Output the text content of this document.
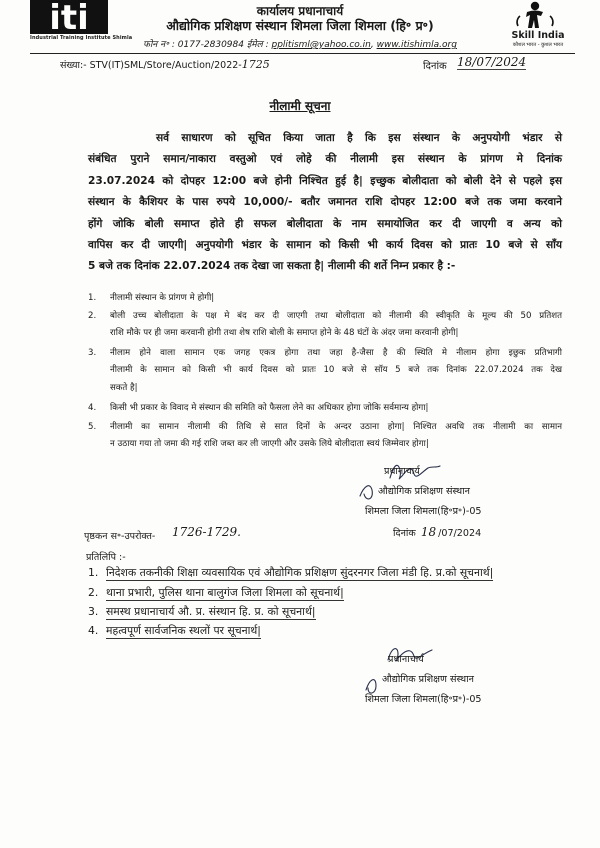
iti
Industrial Training Institute Shimla
कार्यालय प्रधानाचार्य
औद्योगिक प्रशिक्षण संस्थान शिमला जिला शिमला (हि॰ प्र॰)
फोन न॰ : 0177-2830984 ईमेल : pplitisml@yahoo.co.in, www.itishimla.org
Skill India
कौशल भारत - कुशल भारत
संख्या:- STV(IT)SML/Store/Auction/2022-1725	दिनांक 18/07/2024
नीलामी सूचना
सर्व साधारण को सूचित किया जाता है कि इस संस्थान के अनुपयोगी भंडार से
संबंधित पुराने समान/नाकारा वस्तुओ एवं लोहे की नीलामी इस संस्थान के प्रांगण मे दिनांक
23.07.2024 को दोपहर 12:00 बजे होनी निश्चित हुई है| इच्छुक बोलीदाता को बोली देने से पहले इस
संस्थान के कैशियर के पास रुपये 10,000/- बतौर जमानत राशि दोपहर 12:00 बजे तक जमा करवाने
होंगे जोकि बोली समाप्त होते ही सफल बोलीदाता के नाम समायोजित कर दी जाएगी व अन्य को
वापिस कर दी जाएगी| अनुपयोगी भंडार के सामान को किसी भी कार्य दिवस को प्रातः 10 बजे से साँय
5 बजे तक दिनांक 22.07.2024 तक देखा जा सकता है| नीलामी की शर्ते निम्न प्रकार है :-
1. नीलामी संस्थान के प्रांगण मे होगी|
2. बोली उच्च बोलीदाता के पक्ष मे बंद कर दी जाएगी तथा बोलीदाता को नीलामी की स्वीकृति के मूल्य की 50 प्रतिशत
राशि मौके पर ही जमा करवानी होगी तथा शेष राशि बोली के समाप्त होने के 48 घंटों के अंदर जमा करवानी होगी|
3. नीलाम होने वाला सामान एक जगह एकत्र होगा तथा जहा है-जैसा है की स्थिति मे नीलाम होगा इछुक प्रतिभागी
नीलामी के सामान को किसी भी कार्य दिवस को प्रातः 10 बजे से सॉय 5 बजे तक दिनांक 22.07.2024 तक देख
सकते है|
4. किसी भी प्रकार के विवाद मे संस्थान की समिति को फैसला लेने का अधिकार होगा जोकि सर्वमान्य होगा|
5. नीलामी का सामान नीलामी की तिथि से सात दिनों के अन्दर उठाना होगा| निश्चित अवधि तक नीलामी का सामान
न उठाया गया तो जमा की गई राशि जब्त कर ली जाएगी और उसके लिये बोलीदाता स्वयं जिम्मेवार होगा|
प्रधानाचार्य
औद्योगिक प्रशिक्षण संस्थान
शिमला जिला शिमला(हि॰प्र॰)-05
दिनांक 18 /07/2024
पृष्ठकन स॰-उपरोक्त- 1726-1729.
प्रतिलिपि :-
1. निदेशक तकनीकी शिक्षा व्यवसायिक एवं औद्योगिक प्रशिक्षण सुंदरनगर जिला मंडी हि. प्र.को सूचनार्थ|
2. थाना प्रभारी, पुलिस थाना बालुगंज जिला शिमला को सूचनार्थ|
3. समस्थ प्रधानाचार्य औ. प्र. संस्थान हि. प्र. को सूचनार्थ|
4. महत्वपूर्ण सार्वजनिक स्थलों पर सूचनार्थ|
प्रधानाचार्य
औद्योगिक प्रशिक्षण संस्थान
शिमला जिला शिमला(हि॰प्र॰)-05
